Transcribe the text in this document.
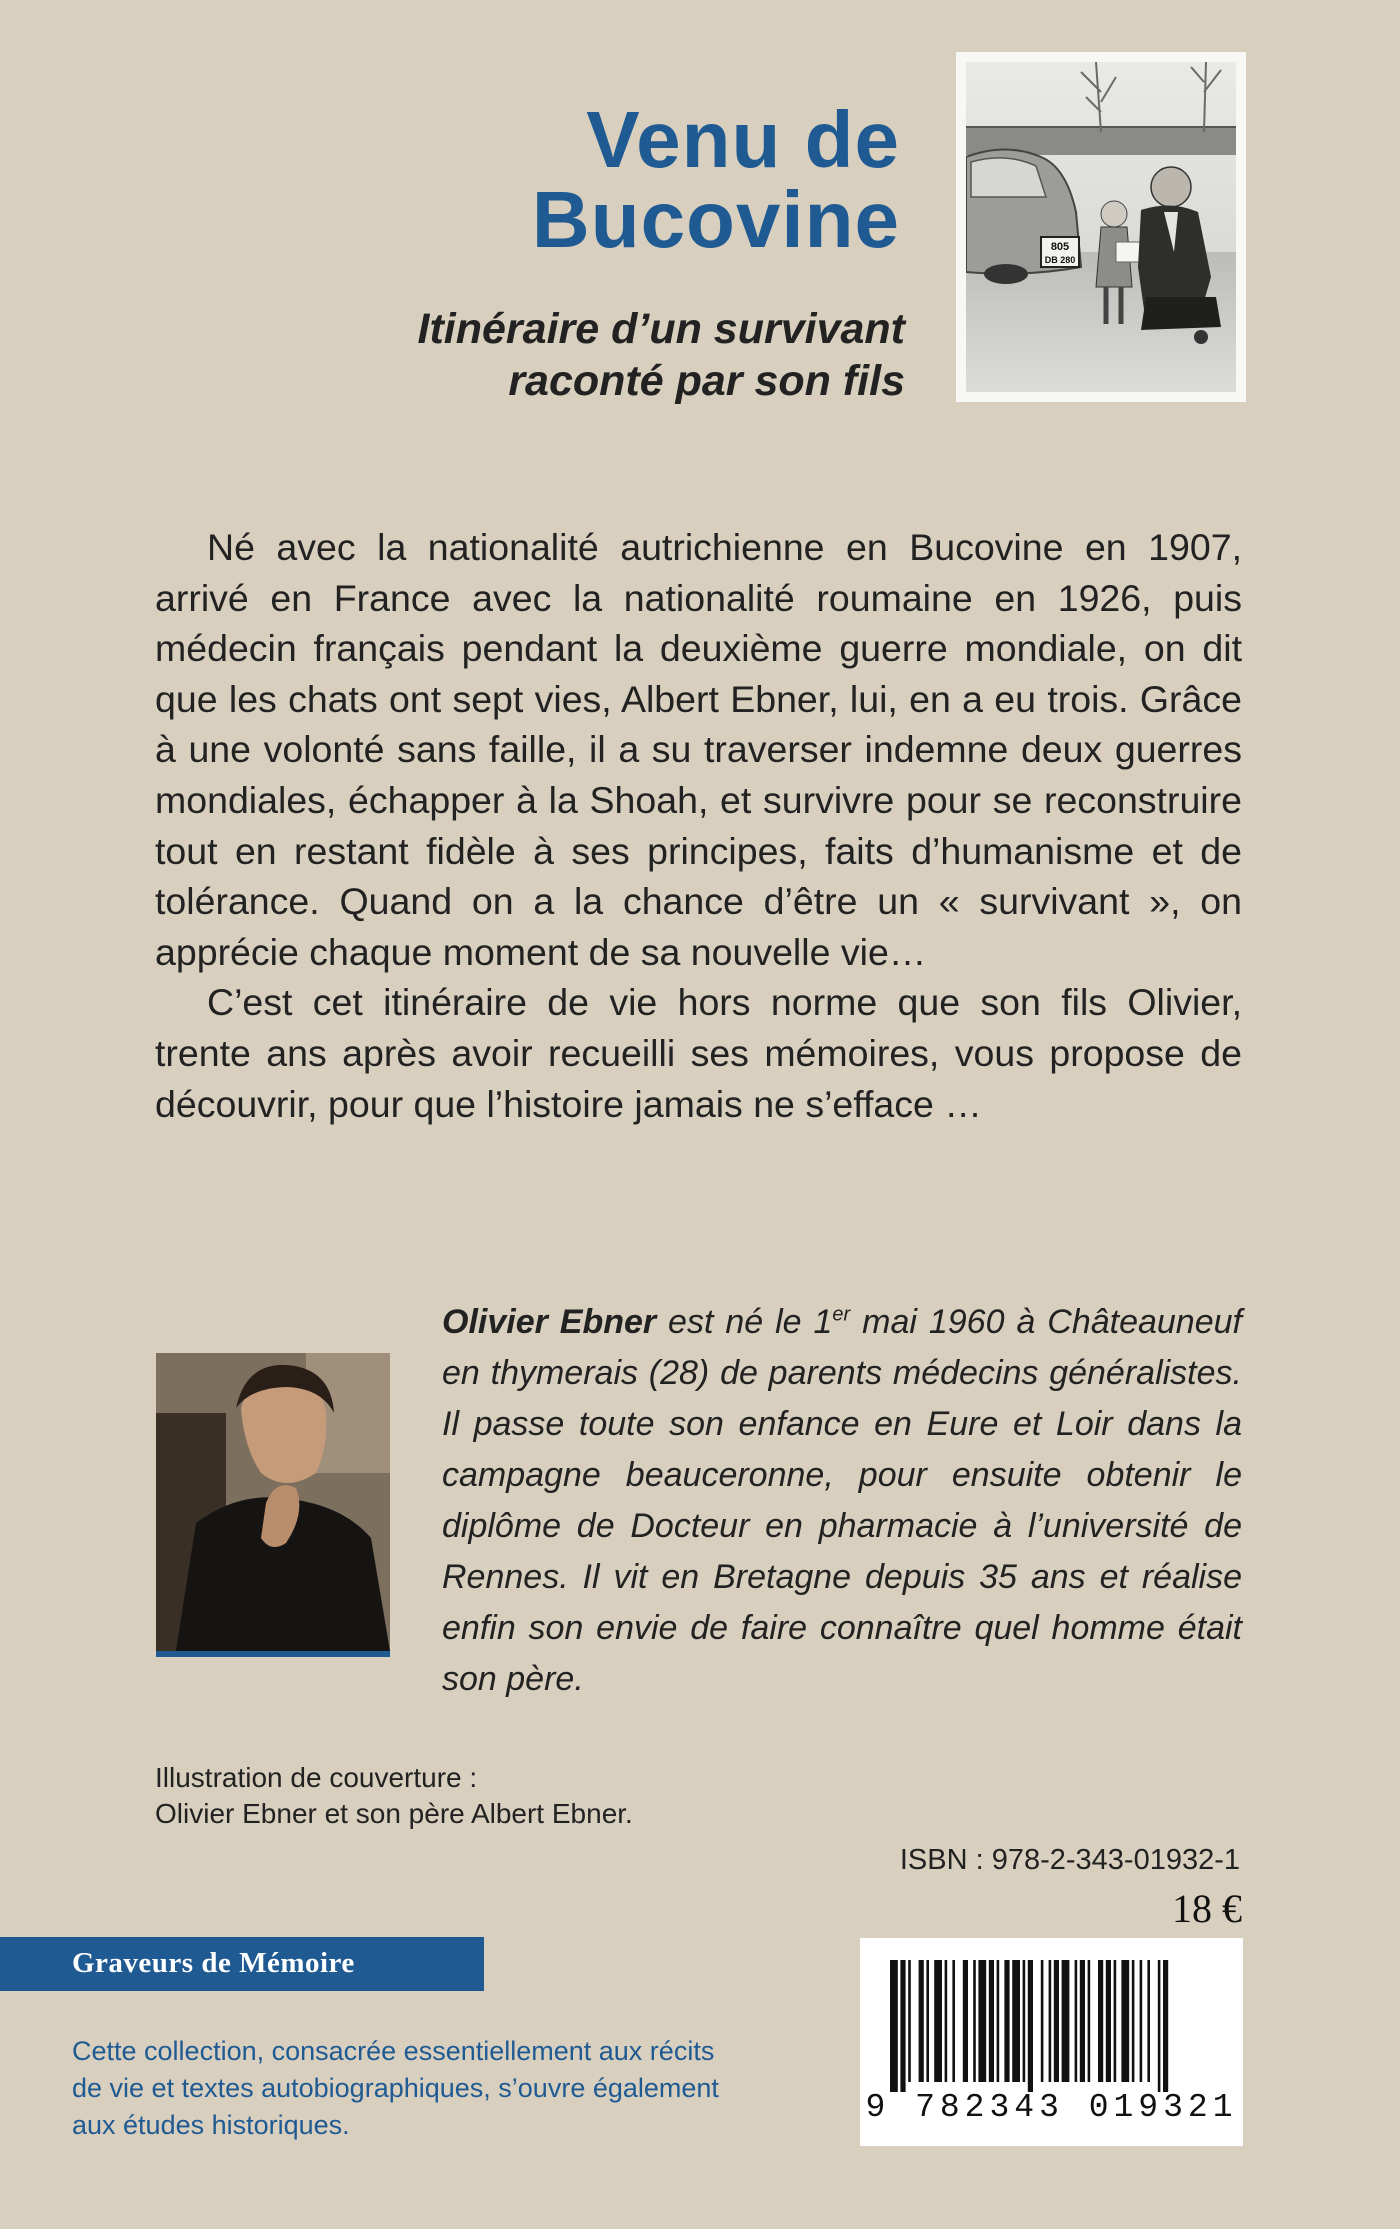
Venu de
Bucovine
Itinéraire d’un survivant
raconté par son fils
805
DB 280

Né avec la nationalité autrichienne en Bucovine en 1907, arrivé en France avec la nationalité roumaine en 1926, puis médecin français pendant la deuxième guerre mondiale, on dit que les chats ont sept vies, Albert Ebner, lui, en a eu trois. Grâce à une volonté sans faille, il a su traverser indemne deux guerres mondiales, échapper à la Shoah, et survivre pour se reconstruire tout en restant fidèle à ses principes, faits d’humanisme et de tolérance. Quand on a la chance d’être un « survivant », on apprécie chaque moment de sa nouvelle vie…

C’est cet itinéraire de vie hors norme que son fils Olivier, trente ans après avoir recueilli ses mémoires, vous propose de découvrir, pour que l’histoire jamais ne s’efface …

Olivier Ebner est né le 1er mai 1960 à Châteauneuf en thymerais (28) de parents médecins généralistes. Il passe toute son enfance en Eure et Loir dans la campagne beauceronne, pour ensuite obtenir le diplôme de Docteur en pharmacie à l’université de Rennes. Il vit en Bretagne depuis 35 ans et réalise enfin son envie de faire connaître quel homme était son père.
Illustration de couverture :
Olivier Ebner et son père Albert Ebner.
ISBN : 978-2-343-01932-1
18 €
Graveurs de Mémoire
Cette collection, consacrée essentiellement aux récits
de vie et textes autobiographiques, s’ouvre également
aux études historiques.	9 782343 019321
